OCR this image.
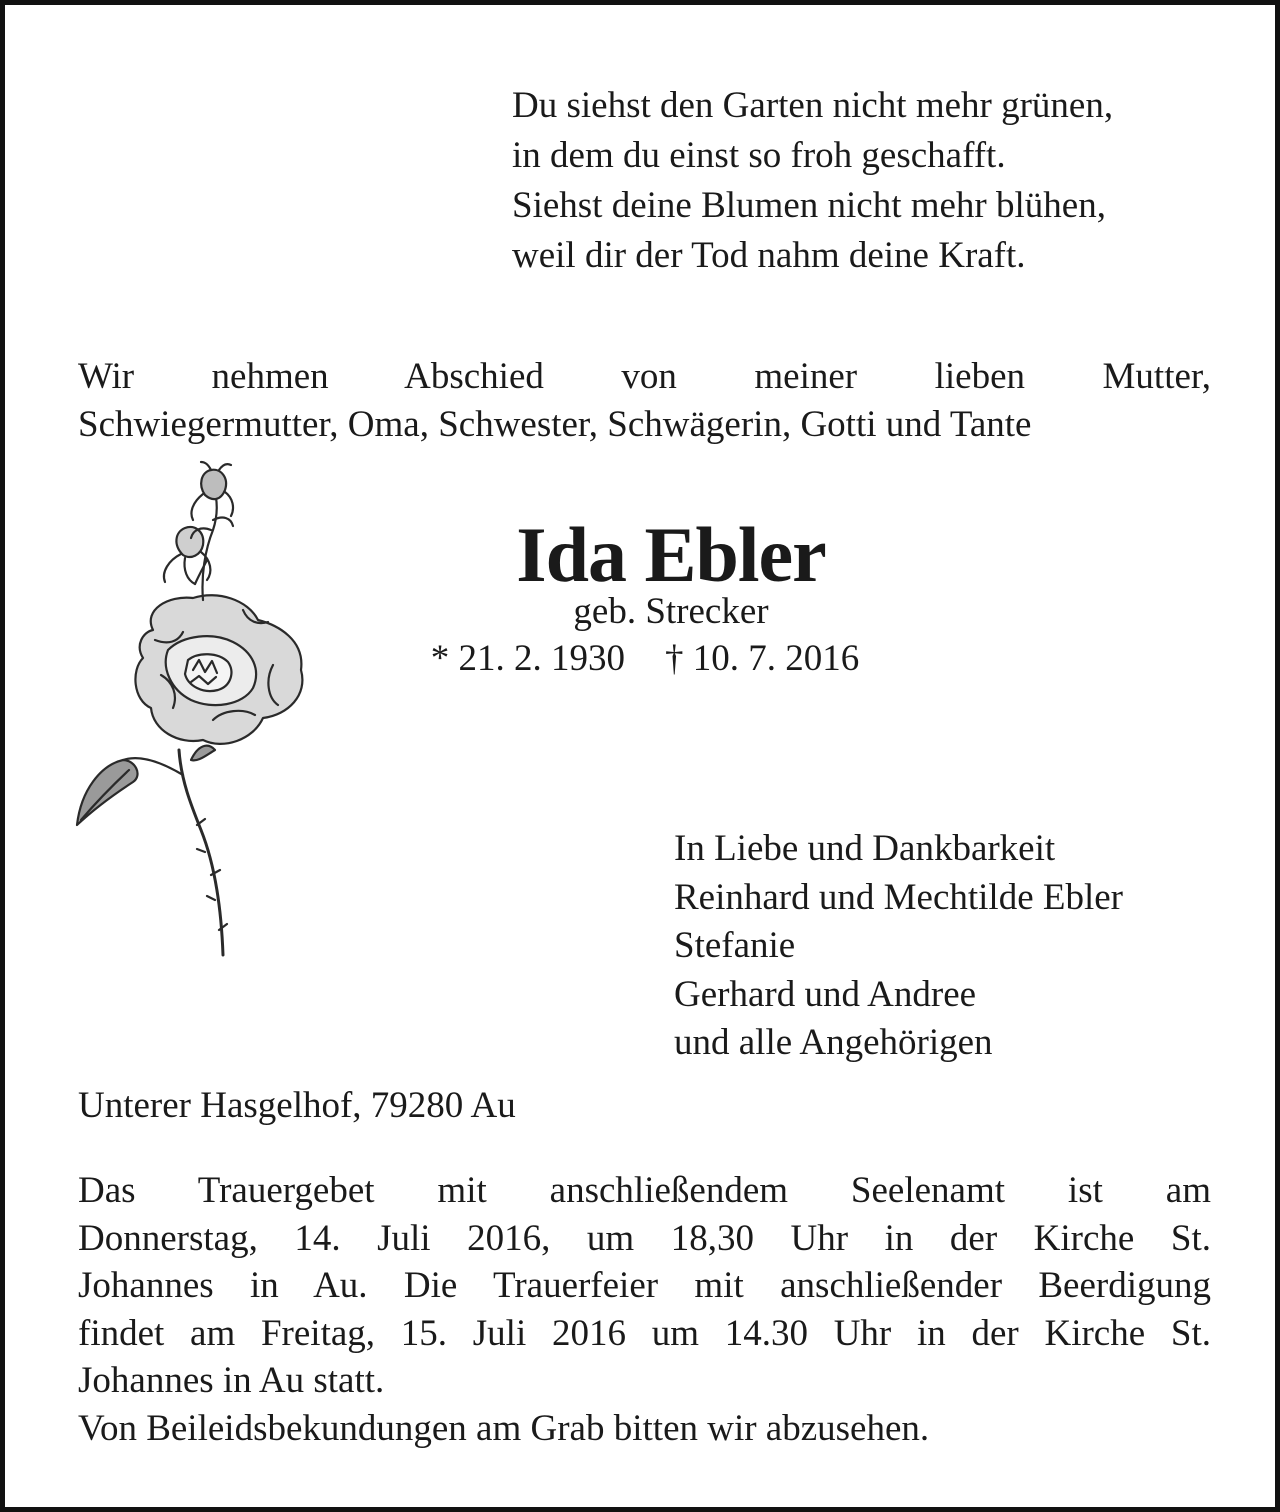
Du siehst den Garten nicht mehr grünen,
in dem du einst so froh geschafft.
Siehst deine Blumen nicht mehr blühen,
weil dir der Tod nahm deine Kraft.
Wir nehmen Abschied von meiner lieben Mutter,
Schwiegermutter, Oma, Schwester, Schwägerin, Gotti und Tante
Ida Ebler
geb. Strecker
* 21. 2. 1930 † 10. 7. 2016
In Liebe und Dankbarkeit
Reinhard und Mechtilde Ebler
Stefanie
Gerhard und Andree
und alle Angehörigen
Unterer Hasgelhof, 79280 Au
Das Trauergebet mit anschließendem Seelenamt ist am
Donnerstag, 14. Juli 2016, um 18,30 Uhr in der Kirche St.
Johannes in Au. Die Trauerfeier mit anschließender Beerdigung
findet am Freitag, 15. Juli 2016 um 14.30 Uhr in der Kirche St.
Johannes in Au statt.
Von Beileidsbekundungen am Grab bitten wir abzusehen.
